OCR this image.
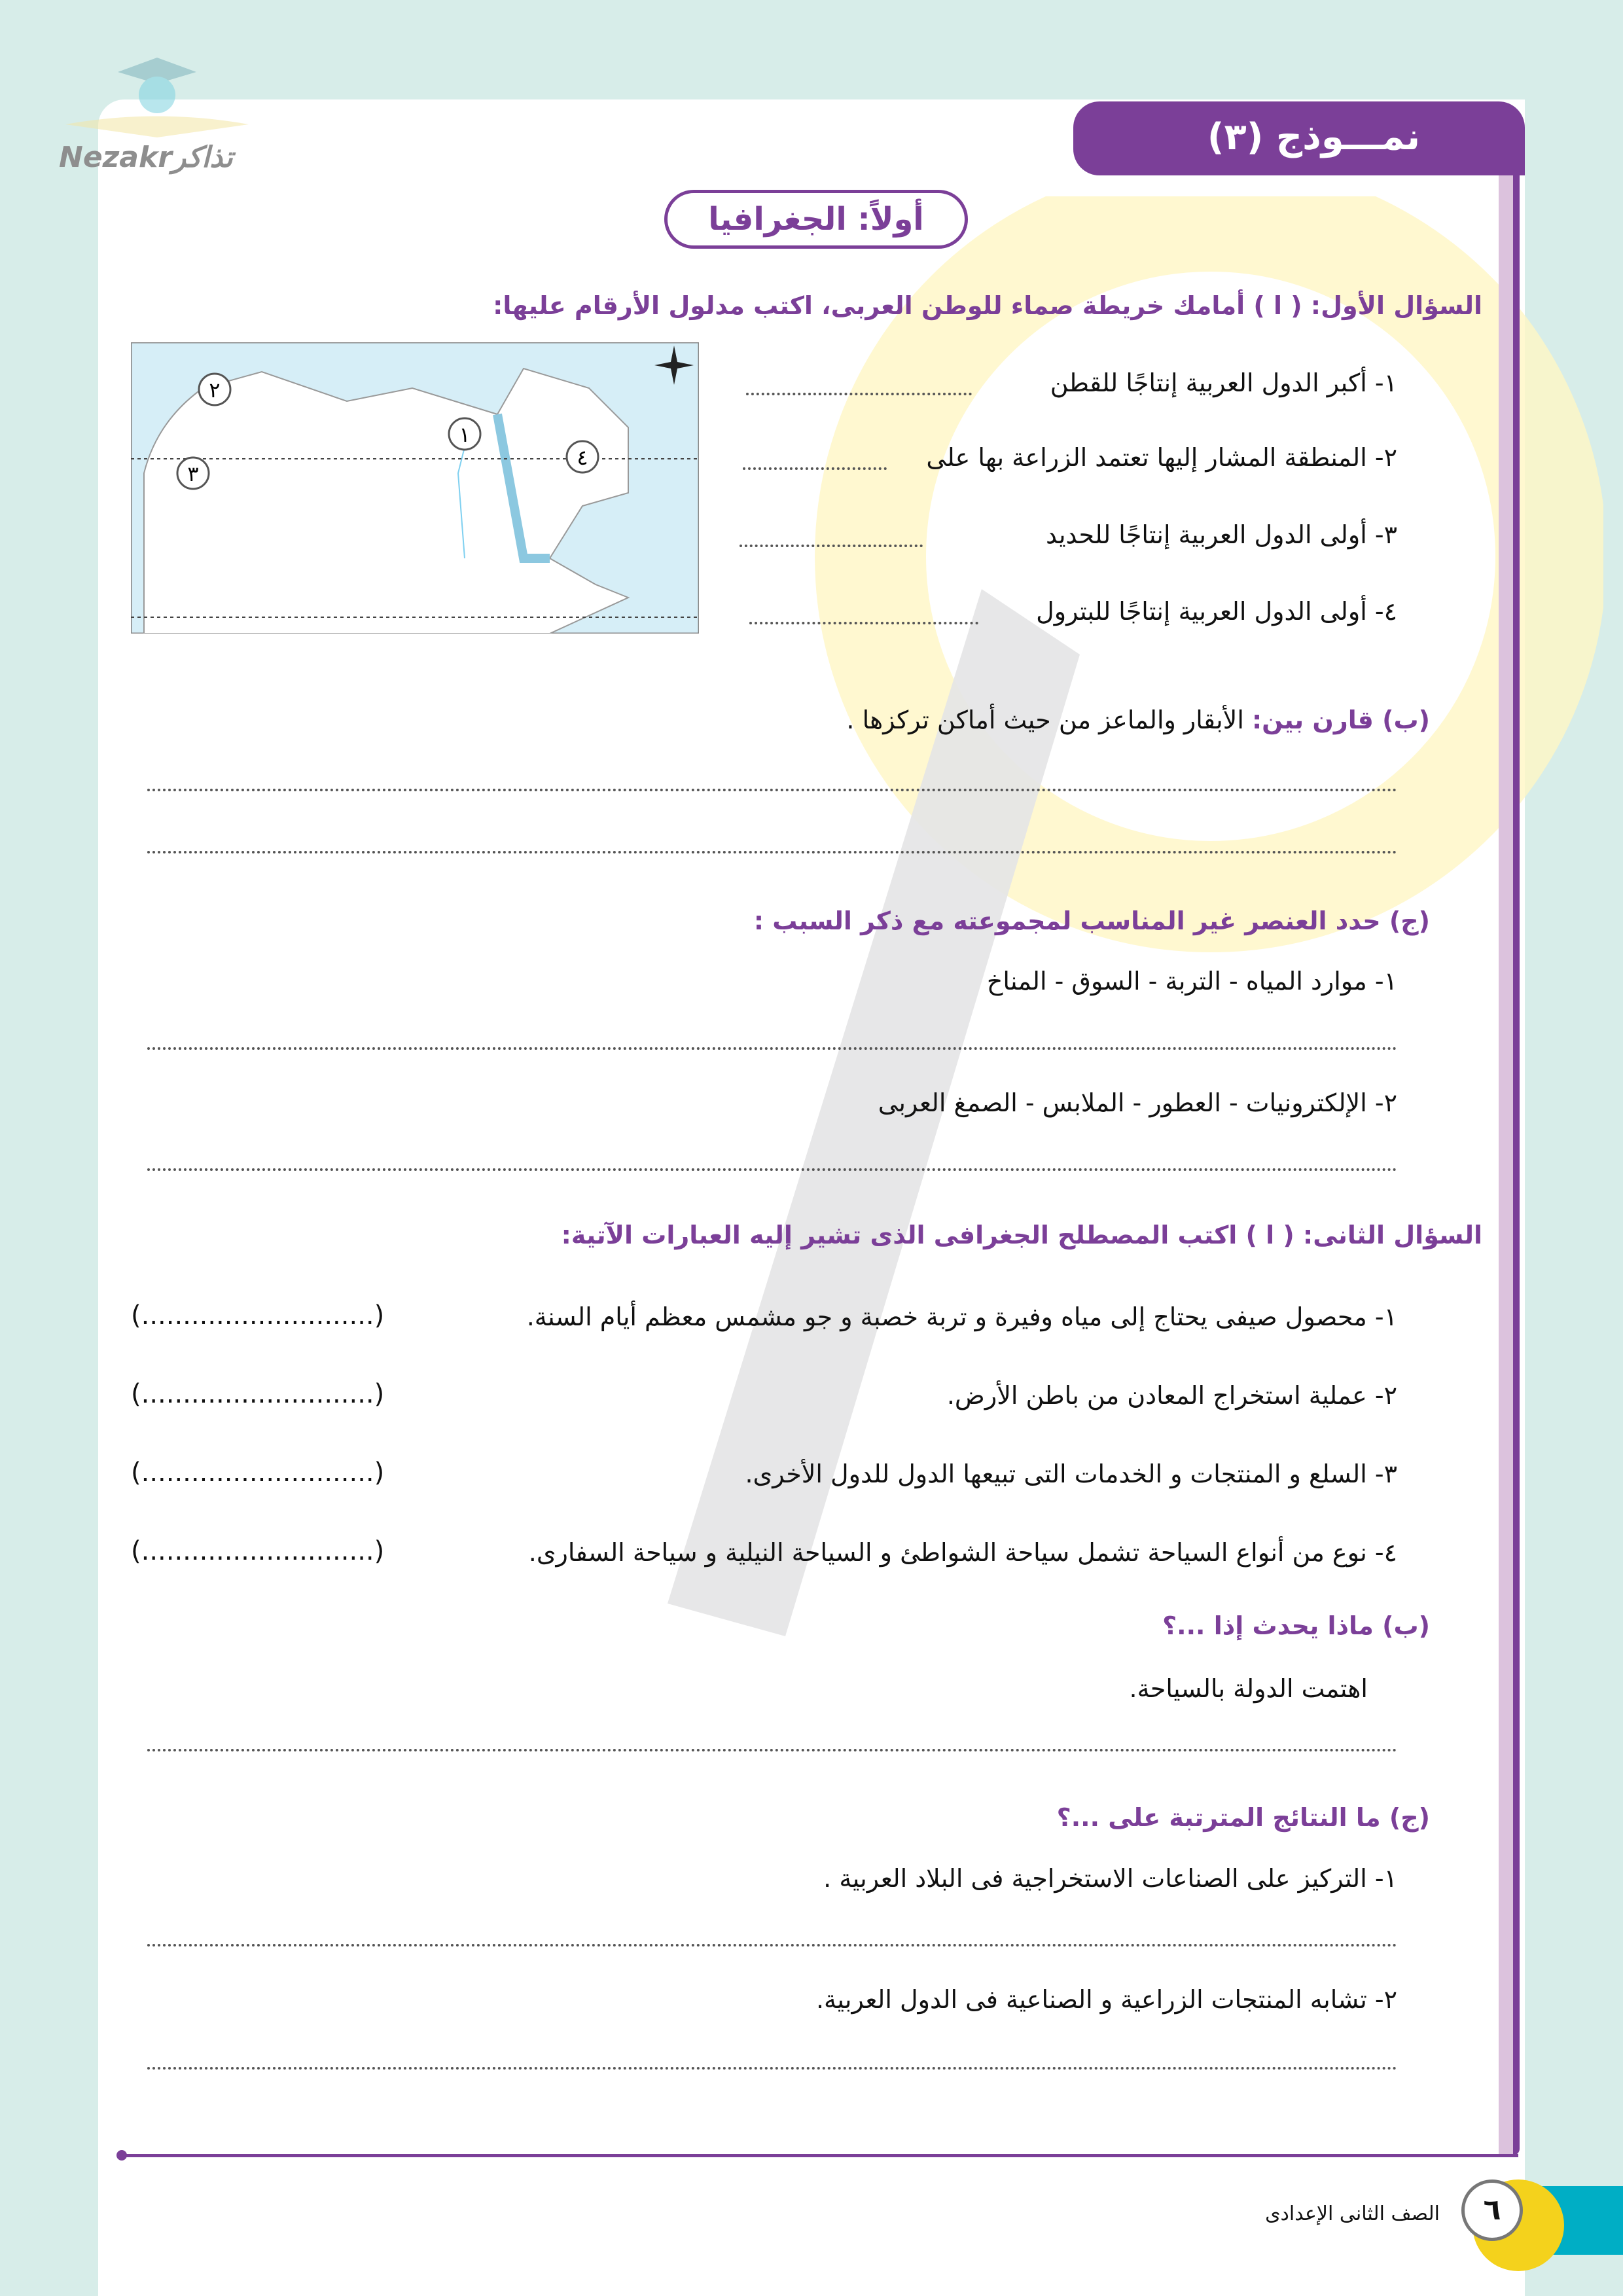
Nezakrتذاكر	نمـــوذج (٣)
أولاً: الجغرافيا
السؤال الأول: ( ا ) أمامك خريطة صماء للوطن العربى، اكتب مدلول الأرقام عليها:
١
٢
٣
٤
١- أكبر الدول العربية إنتاجًا للقطن
٢- المنطقة المشار إليها تعتمد الزراعة بها على
٣- أولى الدول العربية إنتاجًا للحديد
٤- أولى الدول العربية إنتاجًا للبترول
(ب) قارن بين: الأبقار والماعز من حيث أماكن تركزها .
(ج) حدد العنصر غير المناسب لمجموعته مع ذكر السبب :
١- موارد المياه - التربة - السوق - المناخ
٢- الإلكترونيات - العطور - الملابس - الصمغ العربى
السؤال الثانى: ( ا ) اكتب المصطلح الجغرافى الذى تشير إليه العبارات الآتية:
١- محصول صيفى يحتاج إلى مياه وفيرة و تربة خصبة و جو مشمس معظم أيام السنة.
(............................)
٢- عملية استخراج المعادن من باطن الأرض.
(............................)
٣- السلع و المنتجات و الخدمات التى تبيعها الدول للدول الأخرى.
(............................)
٤- نوع من أنواع السياحة تشمل سياحة الشواطئ و السياحة النيلية و سياحة السفارى.
(............................)
(ب) ماذا يحدث إذا ...؟
اهتمت الدولة بالسياحة.
(ج) ما النتائج المترتبة على ...؟
١- التركيز على الصناعات الاستخراجية فى البلاد العربية .
٢- تشابه المنتجات الزراعية و الصناعية فى الدول العربية.
٦
الصف الثانى الإعدادى
